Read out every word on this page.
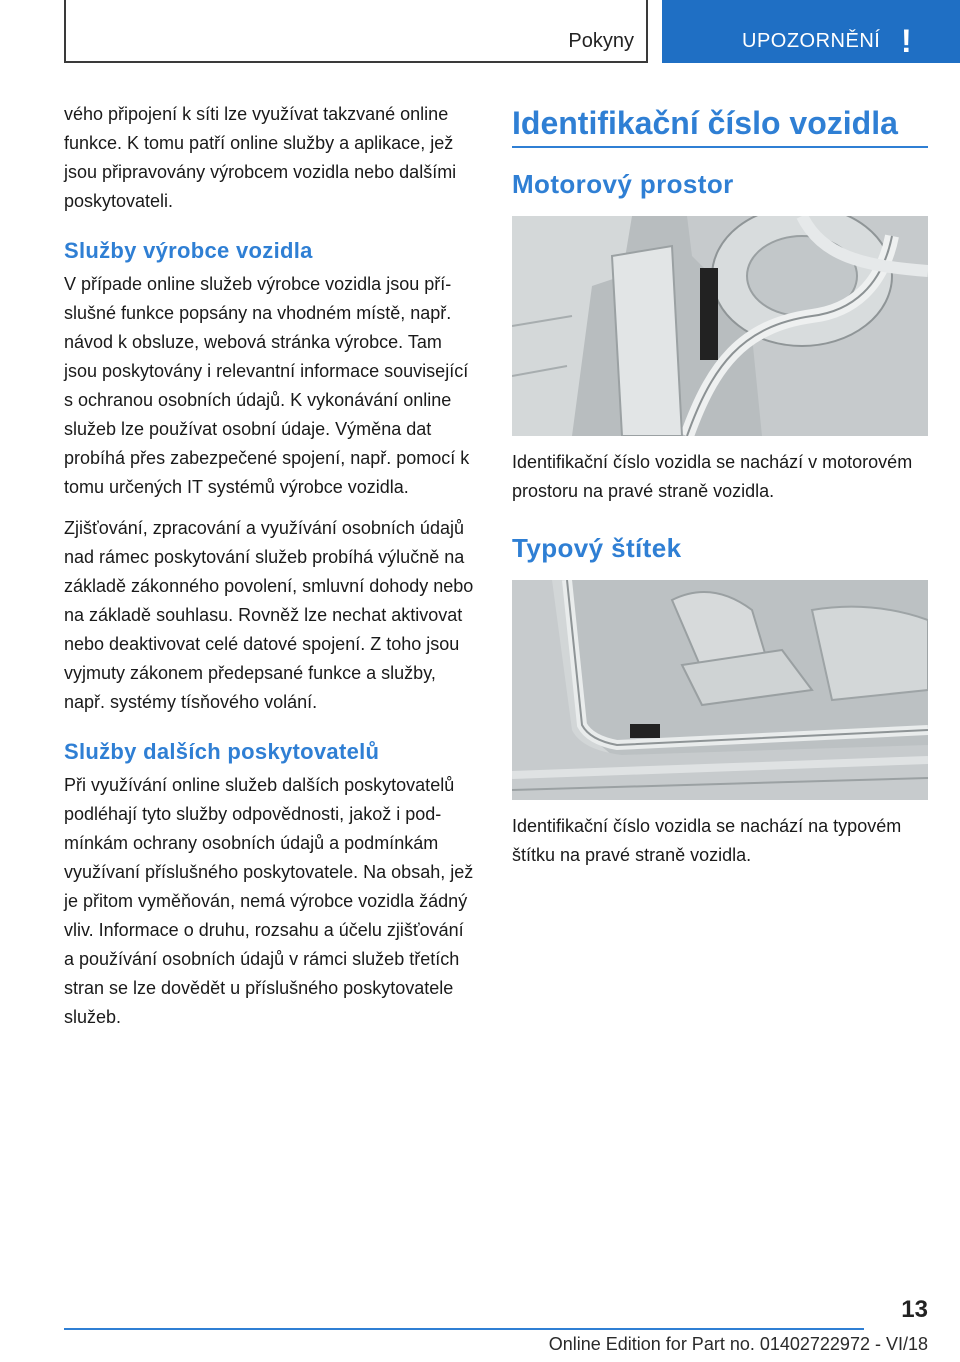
Pokyny	UPOZORNĚNÍ !

vého připojení k síti lze využívat takzvané online funkce. K tomu patří online služby a aplikace, jež jsou připravovány výrobcem vozidla nebo dalšími poskytovateli.

Služby výrobce vozidla

V případe online služeb výrobce vozidla jsou příslušné funkce popsány na vhodném místě, např. návod k obsluze, webová stránka výrobce. Tam jsou poskytovány i relevantní informace související s ochranou osobních údajů. K vykonávání online služeb lze používat osobní údaje. Výměna dat probíhá přes zabezpečené spojení, např. pomocí k tomu určených IT systémů výrobce vozidla.

Zjišťování, zpracování a využívání osobních údajů nad rámec poskytování služeb probíhá výlučně na základě zákonného povolení, smluvní dohody nebo na základě souhlasu. Rovněž lze nechat aktivovat nebo deaktivovat celé datové spojení. Z toho jsou vyjmuty zákonem předepsané funkce a služby, např. systémy tísňového volání.

Služby dalších poskytovatelů

Při využívání online služeb dalších poskytovatelů podléhají tyto služby odpovědnosti, jakož i podmínkám ochrany osobních údajů a podmínkám využívaní příslušného poskytovatele. Na obsah, jež je přitom vyměňován, nemá výrobce vozidla žádný vliv. Informace o druhu, rozsahu a účelu zjišťování a používání osobních údajů v rámci služeb třetích stran se lze dovědět u příslušného poskytovatele služeb.

Identifikační číslo vozidla
Motorový prostor

Identifikační číslo vozidla se nachází v motorovém prostoru na pravé straně vozidla.

Typový štítek

Identifikační číslo vozidla se nachází na typovém štítku na pravé straně vozidla.

13
Online Edition for Part no. 01402722972 - VI/18
